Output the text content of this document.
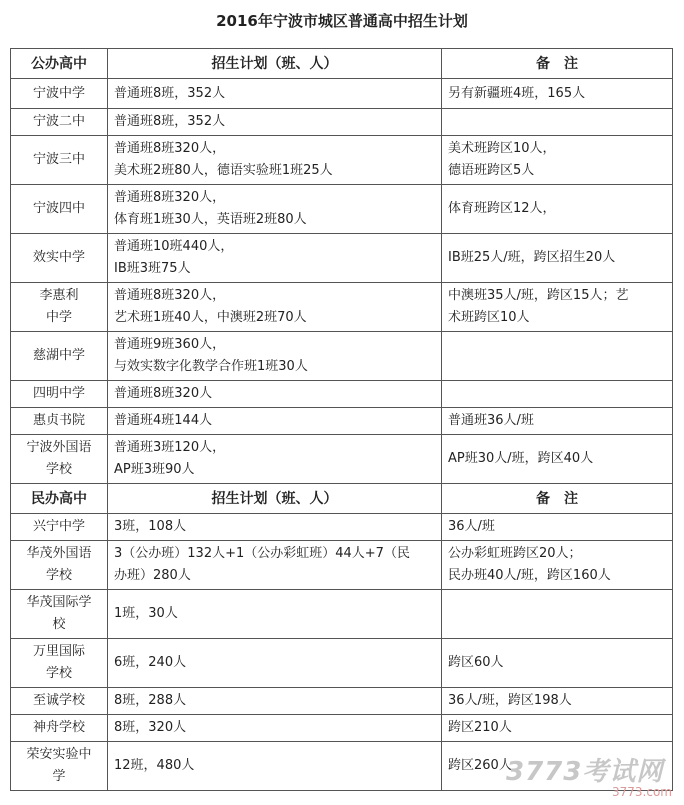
2016年宁波市城区普通高中招生计划
公办高中	招生计划（班、人）	备　注

宁波中学	普通班8班，352人	另有新疆班4班，165人

宁波二中	普通班8班，352人	

宁波三中	普通班8班320人，
美术班2班80人，德语实验班1班25人	美术班跨区10人，
德语班跨区5人

宁波四中	普通班8班320人，
体育班1班30人，英语班2班80人	体育班跨区12人，

效实中学	普通班10班440人，
IB班3班75人	IB班25人/班，跨区招生20人

李惠利
中学	普通班8班320人，
艺术班1班40人，中澳班2班70人	中澳班35人/班，跨区15人；艺
术班跨区10人

慈湖中学	普通班9班360人，
与效实数字化教学合作班1班30人	

四明中学	普通班8班320人	

惠贞书院	普通班4班144人	普通班36人/班

宁波外国语
学校	普通班3班120人，
AP班3班90人	AP班30人/班，跨区40人

民办高中	招生计划（班、人）	备　注

兴宁中学	3班，108人	36人/班

华茂外国语
学校	3（公办班）132人+1（公办彩虹班）44人+7（民
办班）280人	公办彩虹班跨区20人；
民办班40人/班，跨区160人

华茂国际学
校	1班，30人	

万里国际
学校	6班，240人	跨区60人

至诚学校	8班，288人	36人/班，跨区198人

神舟学校	8班，320人	跨区210人

荣安实验中
学	12班，480人	跨区260人
3773考试网
3773.com
